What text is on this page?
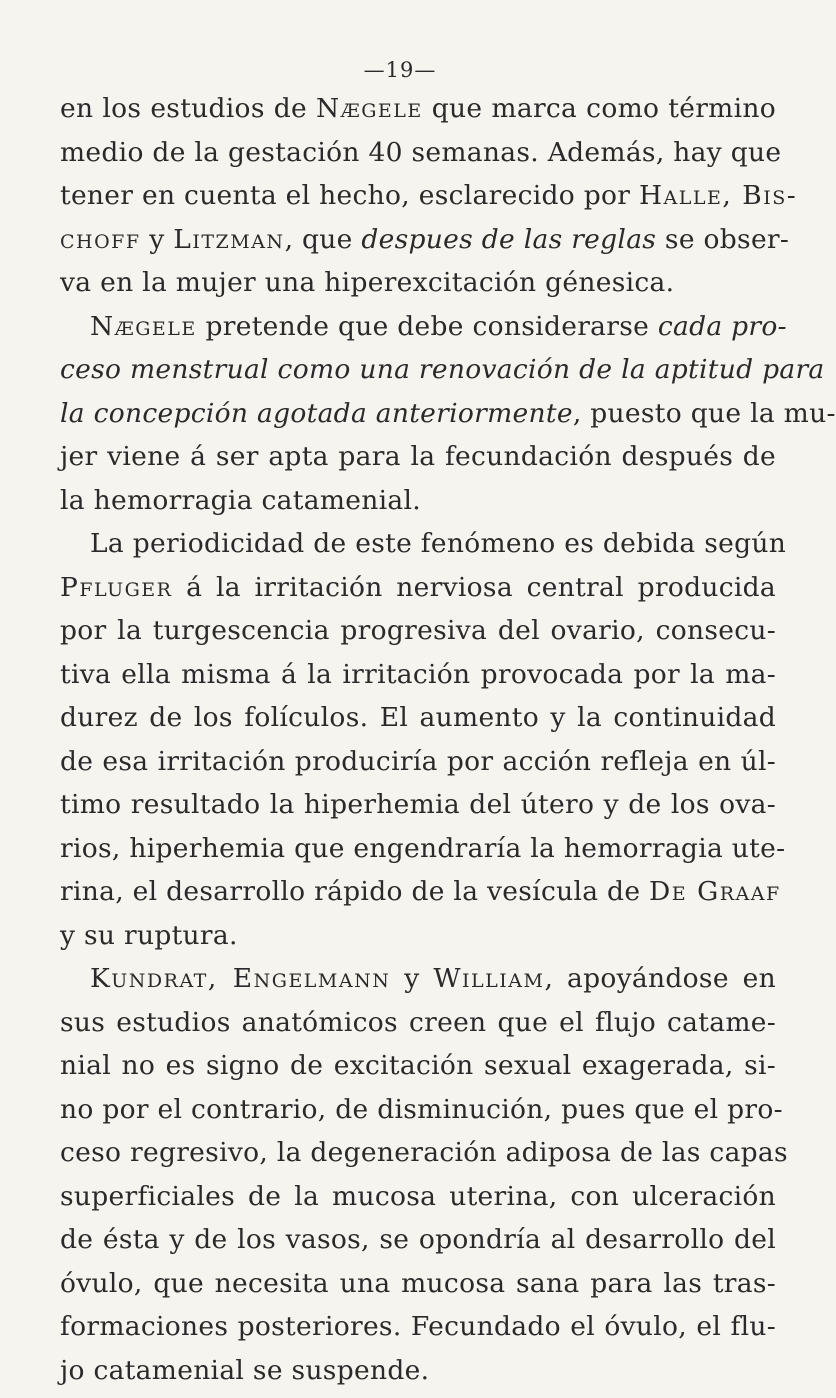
—19—
en los estudios de Nægele que marca como término
medio de la gestación 40 semanas. Además, hay que
tener en cuenta el hecho, esclarecido por Halle, Bis-
choff y Litzman, que despues de las reglas se obser-
va en la mujer una hiperexcitación génesica.
Nægele pretende que debe considerarse cada pro-
ceso menstrual como una renovación de la aptitud para
la concepción agotada anteriormente, puesto que la mu-
jer viene á ser apta para la fecundación después de
la hemorragia catamenial.
La periodicidad de este fenómeno es debida según
Pfluger á la irritación nerviosa central producida
por la turgescencia progresiva del ovario, consecu-
tiva ella misma á la irritación provocada por la ma-
durez de los folículos. El aumento y la continuidad
de esa irritación produciría por acción refleja en úl-
timo resultado la hiperhemia del útero y de los ova-
rios, hiperhemia que engendraría la hemorragia ute-
rina, el desarrollo rápido de la vesícula de De Graaf
y su ruptura.
Kundrat, Engelmann y William, apoyándose en
sus estudios anatómicos creen que el flujo catame-
nial no es signo de excitación sexual exagerada, si-
no por el contrario, de disminución, pues que el pro-
ceso regresivo, la degeneración adiposa de las capas
superficiales de la mucosa uterina, con ulceración
de ésta y de los vasos, se opondría al desarrollo del
óvulo, que necesita una mucosa sana para las tras-
formaciones posteriores. Fecundado el óvulo, el flu-
jo catamenial se suspende.
